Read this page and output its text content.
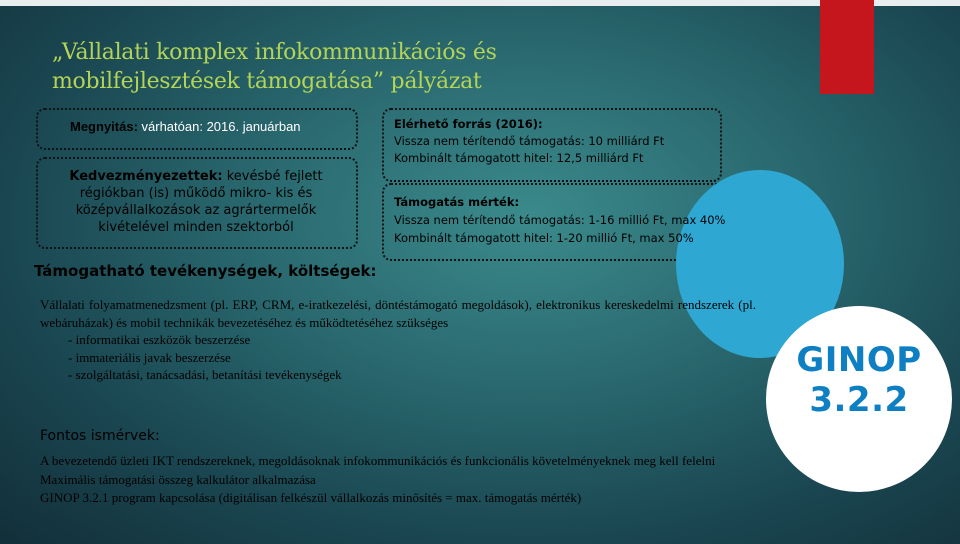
„Vállalati komplex infokommunikációs és mobilfejlesztések támogatása” pályázat
Megnyitás: várhatóan: 2016. januárban
Kedvezményezettek: kevésbé fejlett régiókban (is) működő mikro- kis és középvállalkozások az agrártermelők kivételével minden szektorból
Elérhető forrás (2016):
Vissza nem térítendő támogatás: 10 milliárd Ft
Kombinált támogatott hitel: 12,5 milliárd Ft
Támogatás mérték:
Vissza nem térítendő támogatás: 1-16 millió Ft, max 40%
Kombinált támogatott hitel: 1-20 millió Ft, max 50%
Támogatható tevékenységek, költségek:

Vállalati folyamatmenedzsment (pl. ERP, CRM, e-iratkezelési, döntéstámogató megoldások), elektronikus kereskedelmi rendszerek (pl. webáruházak) és mobil technikák bevezetéséhez és működtetéséhez szükséges

- informatikai eszközök beszerzése
- immateriális javak beszerzése
- szolgáltatási, tanácsadási, betanítási tevékenységek
Fontos ismérvek:

A bevezetendő üzleti IKT rendszereknek, megoldásoknak infokommunikációs és funkcionális követelményeknek meg kell felelni

Maximális támogatási összeg kalkulátor alkalmazása

GINOP 3.2.1 program kapcsolása (digitálisan felkészül vállalkozás minősítés = max. támogatás mérték)

GINOP
3.2.2
